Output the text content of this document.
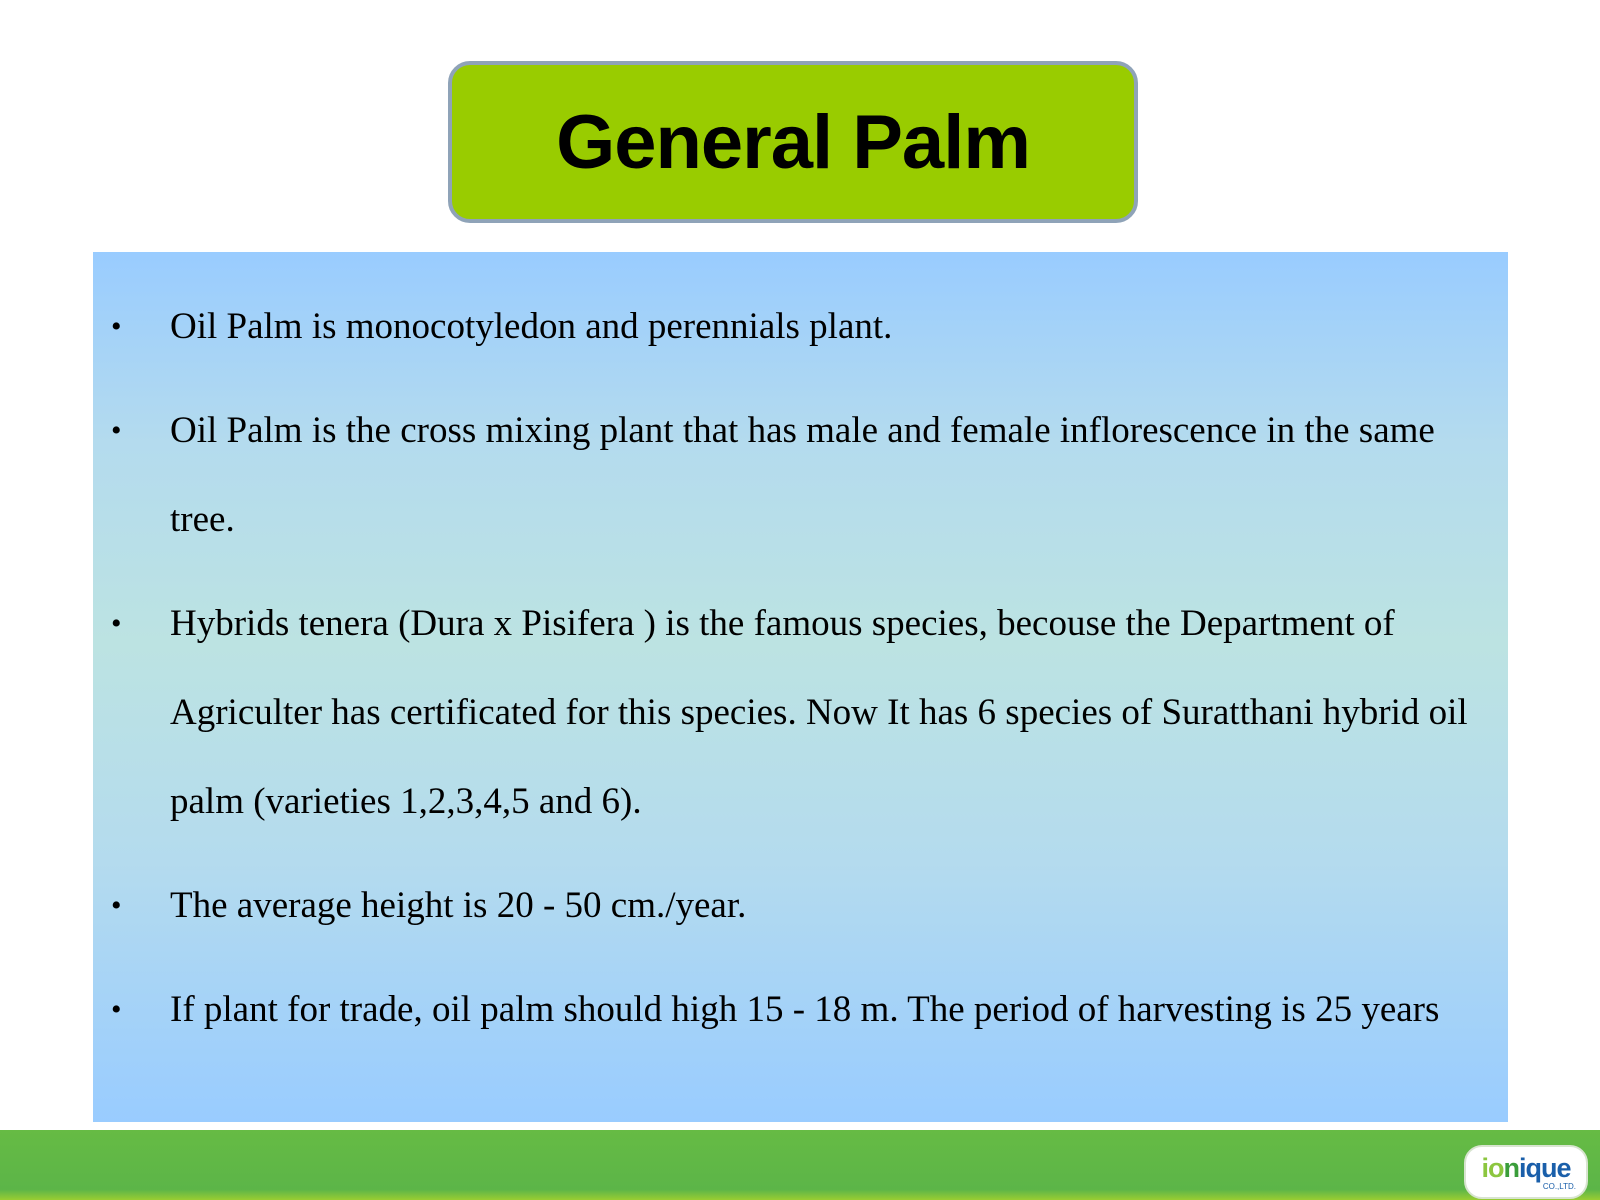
General Palm
• Oil Palm is monocotyledon and perennials plant.
• Oil Palm is the cross mixing plant that has male and female inflorescence in the same tree.
• Hybrids tenera (Dura x Pisifera ) is the famous species, becouse the Department of Agriculter has certificated for this species. Now It has 6 species of Suratthani hybrid oil palm (varieties 1,2,3,4,5 and 6).
• The average height is 20 - 50 cm./year.
• If plant for trade, oil palm should high 15 - 18 m. The period of harvesting is 25 years
ionique
CO.,LTD.
